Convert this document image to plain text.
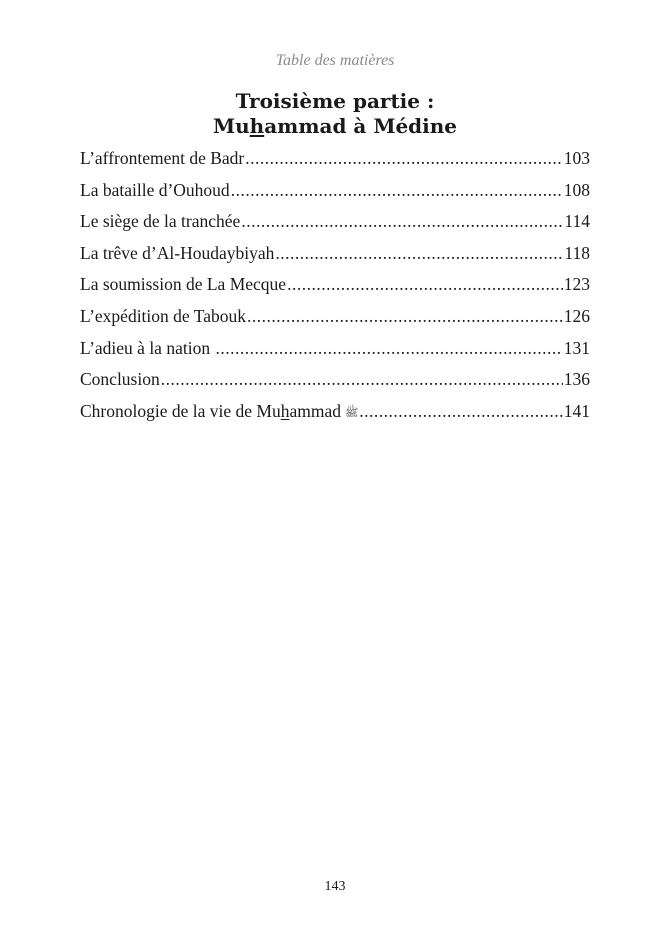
Table des matières
Troisième partie :
Muhammad à Médine
L’affrontement de Badr .....	103
La bataille d’Ouhoud .....	108
Le siège de la tranchée .....	114
La trêve d’Al-Houdaybiyah .....	118
La soumission de La Mecque .....	123
L’expédition de Tabouk .....	126
L’adieu à la nation .....	131
Conclusion .....	136
Chronologie de la vie de Muhammad ﷺ .....	141
143
